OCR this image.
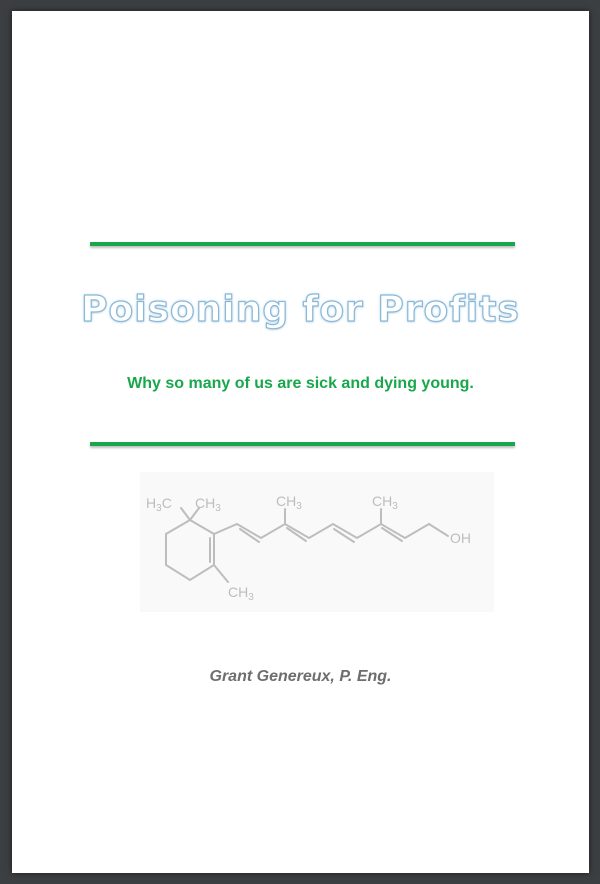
Poisoning for Profits
Why so many of us are sick and dying young.
$H_3C$ $CH_3$
$CH_3$
$CH_3$	$CH_3$
OH
Grant Genereux, P. Eng.
